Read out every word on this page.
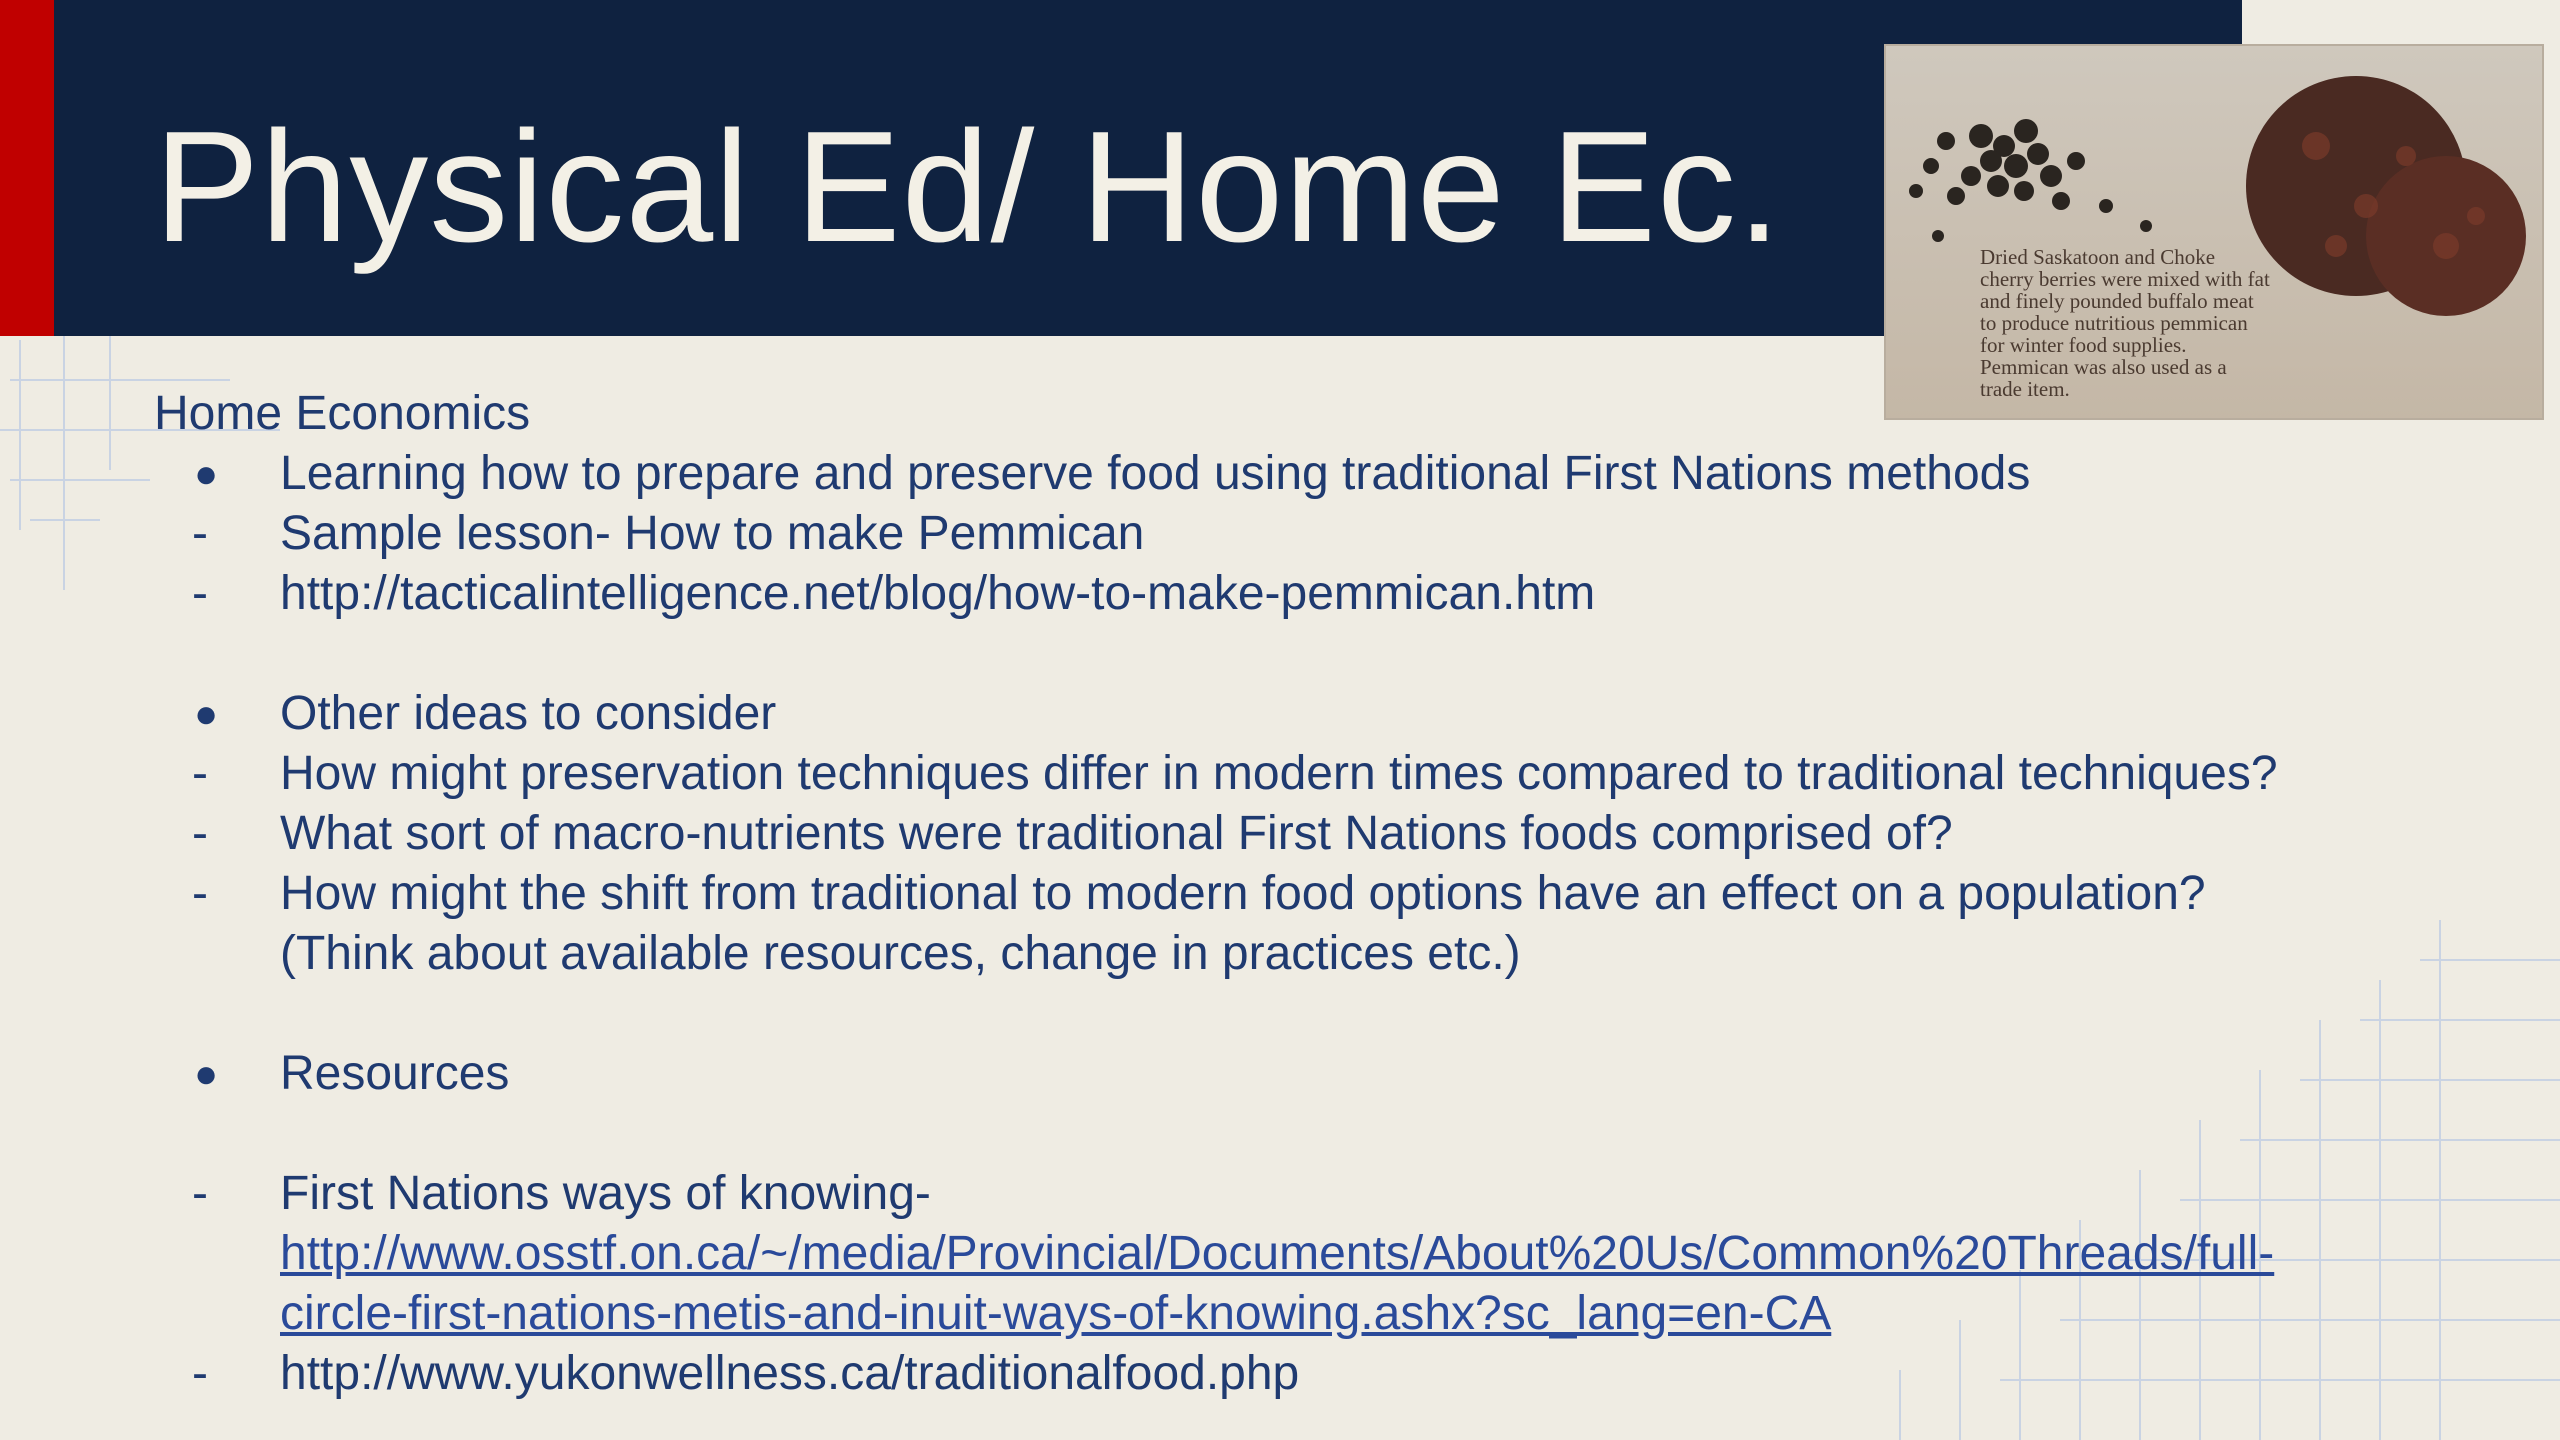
Physical Ed/ Home Ec.	Dried Saskatoon and Choke
cherry berries were mixed with fat
and finely pounded buffalo meat
to produce nutritious pemmican
for winter food supplies.
Pemmican was also used as a
trade item.
Home Economics
●	Learning how to prepare and preserve food using traditional First Nations methods
-	Sample lesson- How to make Pemmican
-	http://tacticalintelligence.net/blog/how-to-make-pemmican.htm
●	Other ideas to consider
-	How might preservation techniques differ in modern times compared to traditional techniques?
-	What sort of macro-nutrients were traditional First Nations foods comprised of?
-	How might the shift from traditional to modern food options have an effect on a population?
(Think about available resources, change in practices etc.)
●	Resources
-	First Nations ways of knowing-
http://www.osstf.on.ca/~/media/Provincial/Documents/About%20Us/Common%20Threads/full-
circle-first-nations-metis-and-inuit-ways-of-knowing.ashx?sc_lang=en-CA
-	http://www.yukonwellness.ca/traditionalfood.php
